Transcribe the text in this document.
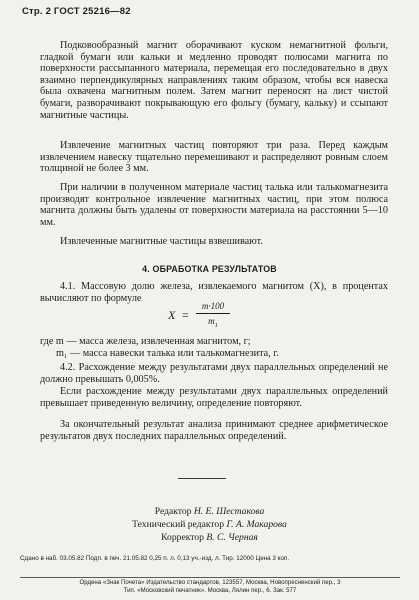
Стр. 2 ГОСТ 25216—82
Подковообразный магнит оборачивают куском немагнитной фольги, гладкой бумаги или кальки и медленно проводят полюсами магнита по поверхности рассыпанного материала, перемещая его последовательно в двух взаимно перпендикулярных направлениях таким образом, чтобы вся навеска была охвачена магнитным полем. Затем магнит переносят на лист чистой бумаги, разворачивают покрывающую его фольгу (бумагу, кальку) и ссыпают магнитные частицы.
Извлечение магнитных частиц повторяют три раза. Перед каждым извлечением навеску тщательно перемешивают и распределяют ровным слоем толщиной не более 3 мм.
При наличии в полученном материале частиц талька или талькомагнезита производят контрольное извлечение магнитных частиц, при этом полюса магнита должны быть удалены от поверхности материала на расстоянии 5—10 мм.
Извлеченные магнитные частицы взвешивают.
4. ОБРАБОТКА РЕЗУЛЬТАТОВ
4.1. Массовую долю железа, извлекаемого магнитом (X), в процентах вычисляют по формуле
X =
m·100
$m_1$
где m — масса железа, извлеченная магнитом, г;
m₁ — масса навески талька или талькомагнезита, г.
4.2. Расхождение между результатами двух параллельных определений не должно превышать 0,005%.
Если расхождение между результатами двух параллельных определений превышает приведенную величину, определение повторяют.
За окончательный результат анализа принимают среднее арифметическое результатов двух последних параллельных определений.
Редактор Н. Е. Шестакова
Технический редактор Г. А. Макарова
Корректор В. С. Черная
Сдано в наб. 03.05.82 Подп. в печ. 21.05.82 0,25 п. л. 0,13 уч.-изд. л. Тир. 12000 Цена 3 коп.
Ордена «Знак Почета» Издательство стандартов, 123557, Москва, Новопресненский пер., 3
Тип. «Московский печатник». Москва, Лялин пер., 6. Зак. 577
